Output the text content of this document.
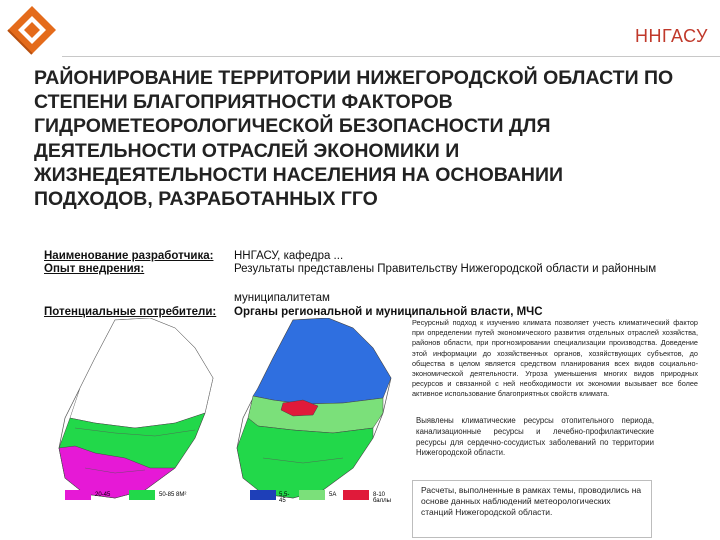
ННГАСУ
РАЙОНИРОВАНИЕ ТЕРРИТОРИИ НИЖЕГОРОДСКОЙ ОБЛАСТИ ПО СТЕПЕНИ БЛАГОПРИЯТНОСТИ ФАКТОРОВ ГИДРОМЕТЕОРОЛОГИЧЕСКОЙ БЕЗОПАСНОСТИ ДЛЯ ДЕЯТЕЛЬНОСТИ ОТРАСЛЕЙ ЭКОНОМИКИ И ЖИЗНЕДЕЯТЕЛЬНОСТИ НАСЕЛЕНИЯ НА ОСНОВАНИИ ПОДХОДОВ, РАЗРАБОТАННЫХ ГГО
Наименование разработчика: ННГАСУ, кафедра ...
Опыт внедрения:	Результаты представлены Правительству Нижегородской области и районным
муниципалитетам
Потенциальные потребители: Органы региональной и муниципальной власти, МЧС
20-45	50-85 8М²	5,5-45
5А	8-10 баллы
Ресурсный подход к изучению климата позволяет учесть климатический фактор при определении путей экономического развития отдельных отраслей хозяйства, районов области, при прогнозировании специализации производства. Доведение этой информации до хозяйственных органов, хозяйствующих субъектов, до общества в целом является средством планирования всех видов социально-экономической деятельности. Угроза уменьшения многих видов природных ресурсов и связанной с ней необходимости их экономии вызывает все более активное использование благоприятных свойств климата.
Выявлены климатические ресурсы отопительного периода, канализационные ресурсы и лечебно-профилактические ресурсы для сердечно-сосудистых заболеваний по территории Нижегородской области.
Расчеты, выполненные в рамках темы, проводились на основе данных наблюдений метеорологических станций Нижегородской области.
